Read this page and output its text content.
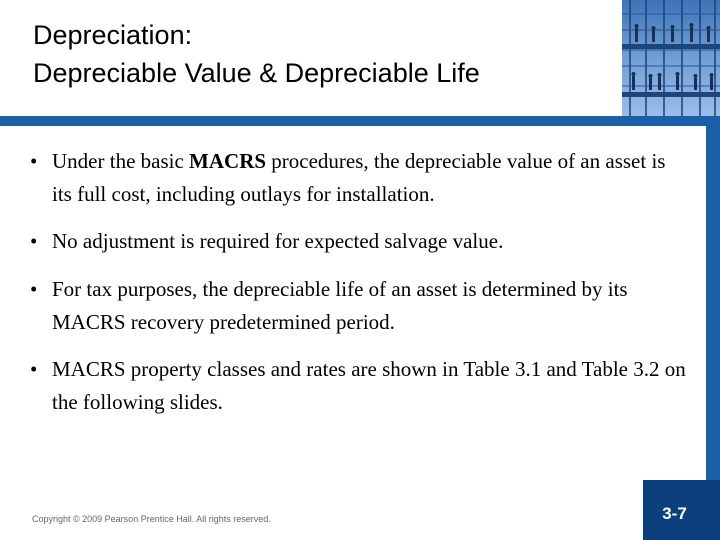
Depreciation:
Depreciable Value & Depreciable Life
• Under the basic MACRS procedures, the depreciable value of an asset is its full cost, including outlays for installation.
• No adjustment is required for expected salvage value.
• For tax purposes, the depreciable life of an asset is determined by its MACRS recovery predetermined period.
• MACRS property classes and rates are shown in Table 3.1 and Table 3.2 on the following slides.
Copyright © 2009 Pearson Prentice Hall. All rights reserved.	3-7
